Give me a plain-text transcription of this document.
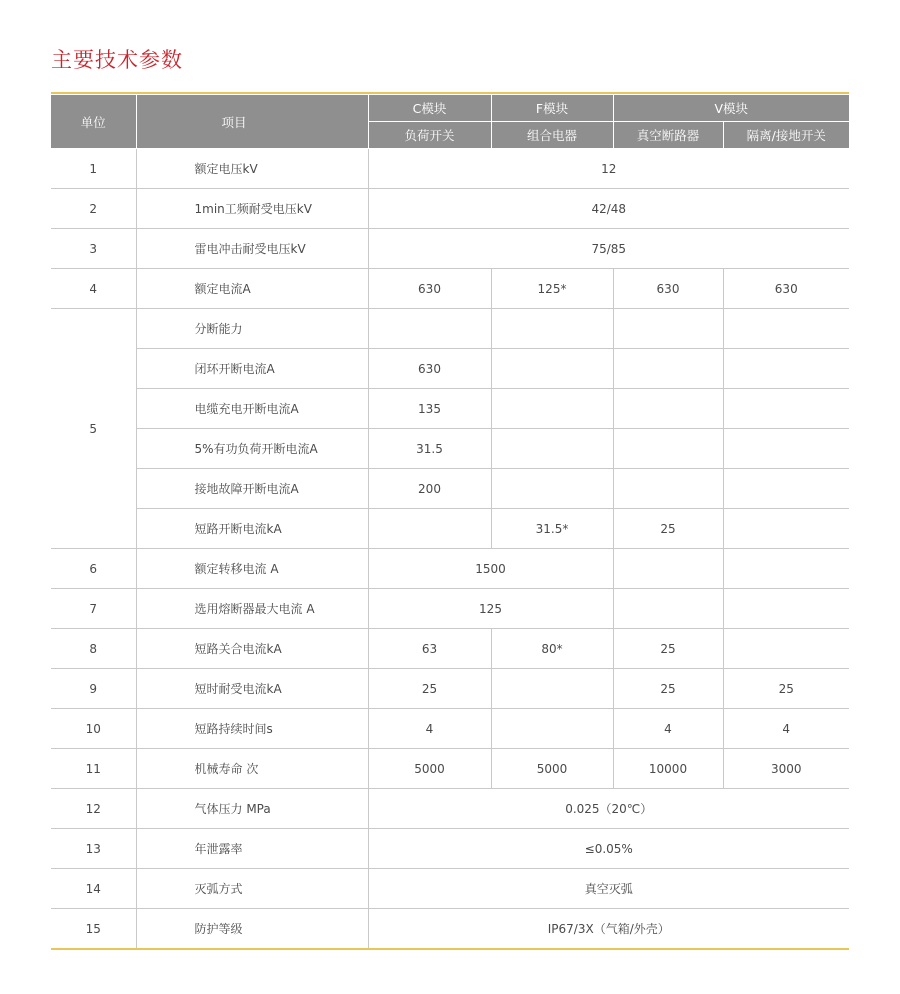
主要技术参数
单位	项目	C模块	F模块	V模块	
		负荷开关	组合电器	真空断路器	隔离/接地开关
1	额定电压kV	12			
2	1min工频耐受电压kV	42/48			
3	雷电冲击耐受电压kV	75/85			
4	额定电流A	630	125*	630	630
5	分断能力				
	闭环开断电流A	630			
	电缆充电开断电流A	135			
	5%有功负荷开断电流A	31.5			
	接地故障开断电流A	200			
	短路开断电流kA		31.5*	25	
6	额定转移电流 A	1500			
7	选用熔断器最大电流 A	125			
8	短路关合电流kA	63	80*	25	
9	短时耐受电流kA	25		25	25
10	短路持续时间s	4		4	4
11	机械寿命 次	5000	5000	10000	3000
12	气体压力 MPa	0.025（20℃）			
13	年泄露率	≤0.05%			
14	灭弧方式	真空灭弧			
15	防护等级	IP67/3X（气箱/外壳）			
